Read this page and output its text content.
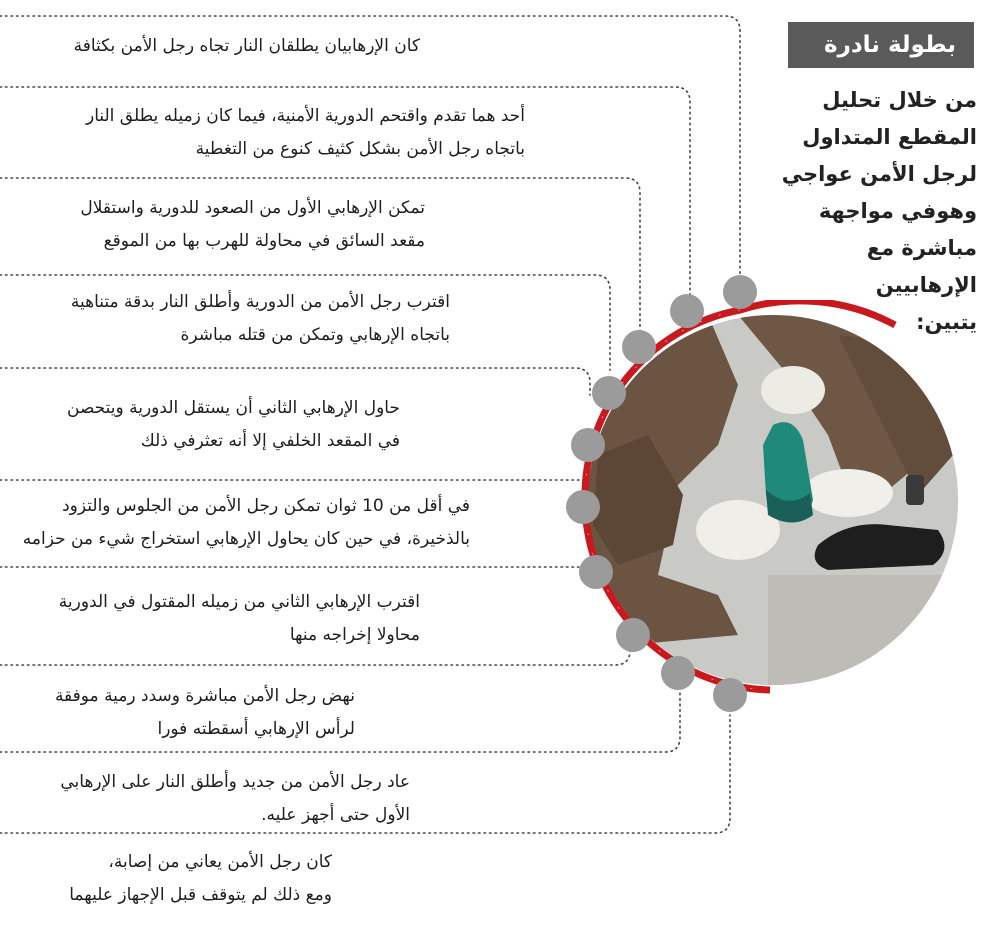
بطولة نادرة
من خلال تحليل
المقطع المتداول
لرجل الأمن عواجي
وهوفي مواجهة
مباشرة مع الإرهابيين
يتبين:
كان الإرهابيان يطلقان النار تجاه رجل الأمن بكثافة
أحد هما تقدم واقتحم الدورية الأمنية، فيما كان زميله يطلق النار
باتجاه رجل الأمن بشكل كثيف كنوع من التغطية
تمكن الإرهابي الأول من الصعود للدورية واستقلال
مقعد السائق في محاولة للهرب بها من الموقع
اقترب رجل الأمن من الدورية وأطلق النار بدقة متناهية
باتجاه الإرهابي وتمكن من قتله مباشرة
حاول الإرهابي الثاني أن يستقل الدورية ويتحصن
في المقعد الخلفي إلا أنه تعثرفي ذلك
في أقل من 10 ثوان تمكن رجل الأمن من الجلوس والتزود
بالذخيرة، في حين كان يحاول الإرهابي استخراج شيء من حزامه
اقترب الإرهابي الثاني من زميله المقتول في الدورية
محاولا إخراجه منها
نهض رجل الأمن مباشرة وسدد رمية موفقة
لرأس الإرهابي أسقطته فورا
عاد رجل الأمن من جديد وأطلق النار على الإرهابي
الأول حتى أجهز عليه.
كان رجل الأمن يعاني من إصابة،
ومع ذلك لم يتوقف قبل الإجهاز عليهما
